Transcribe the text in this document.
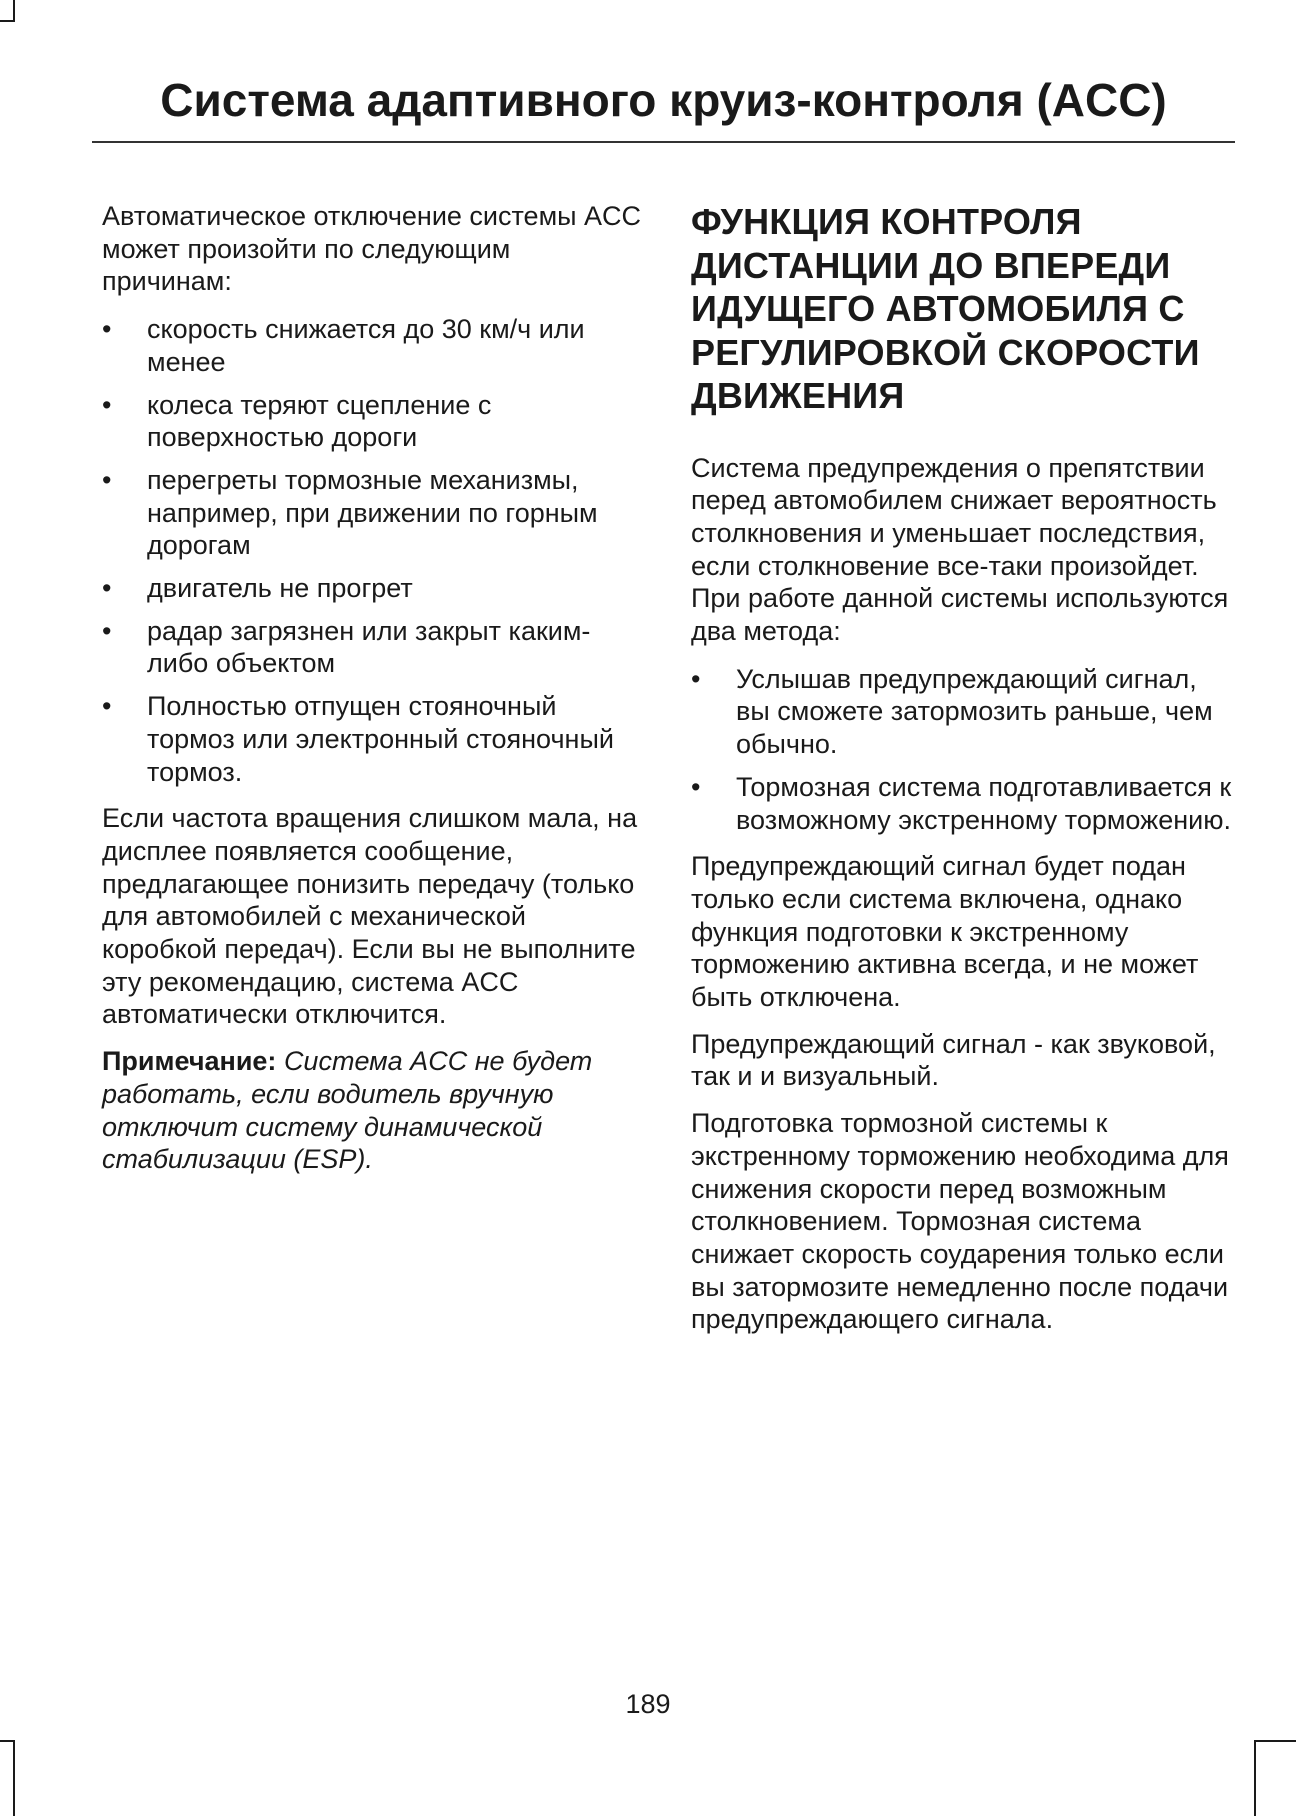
Система адаптивного круиз-контроля (ACC)

Автоматическое отключение системы ACC может произойти по следующим причинам:

• скорость снижается до 30 км/ч или менее
• колеса теряют сцепление с поверхностью дороги
• перегреты тормозные механизмы, например, при движении по горным дорогам
• двигатель не прогрет
• радар загрязнен или закрыт каким-либо объектом
• Полностью отпущен стояночный тормоз или электронный стояночный тормоз.

Если частота вращения слишком мала, на дисплее появляется сообщение, предлагающее понизить передачу (только для автомобилей с механической коробкой передач). Если вы не выполните эту рекомендацию, система ACC автоматически отключится.

Примечание: Система ACC не будет работать, если водитель вручную отключит систему динамической стабилизации (ESP).

ФУНКЦИЯ КОНТРОЛЯ ДИСТАНЦИИ ДО ВПЕРЕДИ ИДУЩЕГО АВТОМОБИЛЯ С РЕГУЛИРОВКОЙ СКОРОСТИ ДВИЖЕНИЯ

Система предупреждения о препятствии перед автомобилем снижает вероятность столкновения и уменьшает последствия, если столкновение все-таки произойдет. При работе данной системы используются два метода:

• Услышав предупреждающий сигнал, вы сможете затормозить раньше, чем обычно.
• Тормозная система подготавливается к возможному экстренному торможению.

Предупреждающий сигнал будет подан только если система включена, однако функция подготовки к экстренному торможению активна всегда, и не может быть отключена.

Предупреждающий сигнал - как звуковой, так и и визуальный.

Подготовка тормозной системы к экстренному торможению необходима для снижения скорости перед возможным столкновением. Тормозная система снижает скорость соударения только если вы затормозите немедленно после подачи предупреждающего сигнала.

189
